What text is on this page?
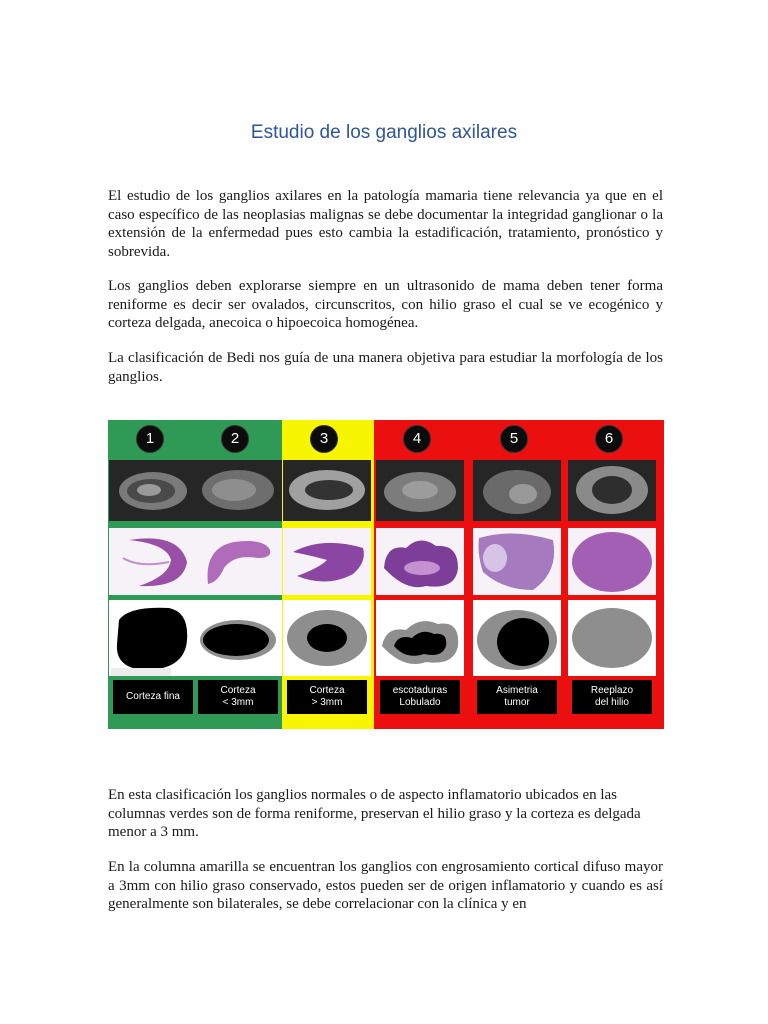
Estudio de los ganglios axilares

El estudio de los ganglios axilares en la patología mamaria tiene relevancia ya que en el caso específico de las neoplasias malignas se debe documentar la integridad ganglionar o la extensión de la enfermedad pues esto cambia la estadificación, tratamiento, pronóstico y sobrevida.

Los ganglios deben explorarse siempre en un ultrasonido de mama deben tener forma reniforme es decir ser ovalados, circunscritos, con hilio graso el cual se ve ecogénico y corteza delgada, anecoica o hipoecoica homogénea.

La clasificación de Bedi nos guía de una manera objetiva para estudiar la morfología de los ganglios.

1
Corteza fina
2
Corteza
< 3mm
3
Corteza
> 3mm
4
escotaduras
Lobulado
5
Asimetria
tumor
6
Reeplazo
del hilio

En esta clasificación los ganglios normales o de aspecto inflamatorio ubicados en las columnas verdes son de forma reniforme, preservan el hilio graso y la corteza es delgada menor a 3 mm.

En la columna amarilla se encuentran los ganglios con engrosamiento cortical difuso mayor a 3mm con hilio graso conservado, estos pueden ser de origen inflamatorio y cuando es así generalmente son bilaterales, se debe correlacionar con la clínica y en
